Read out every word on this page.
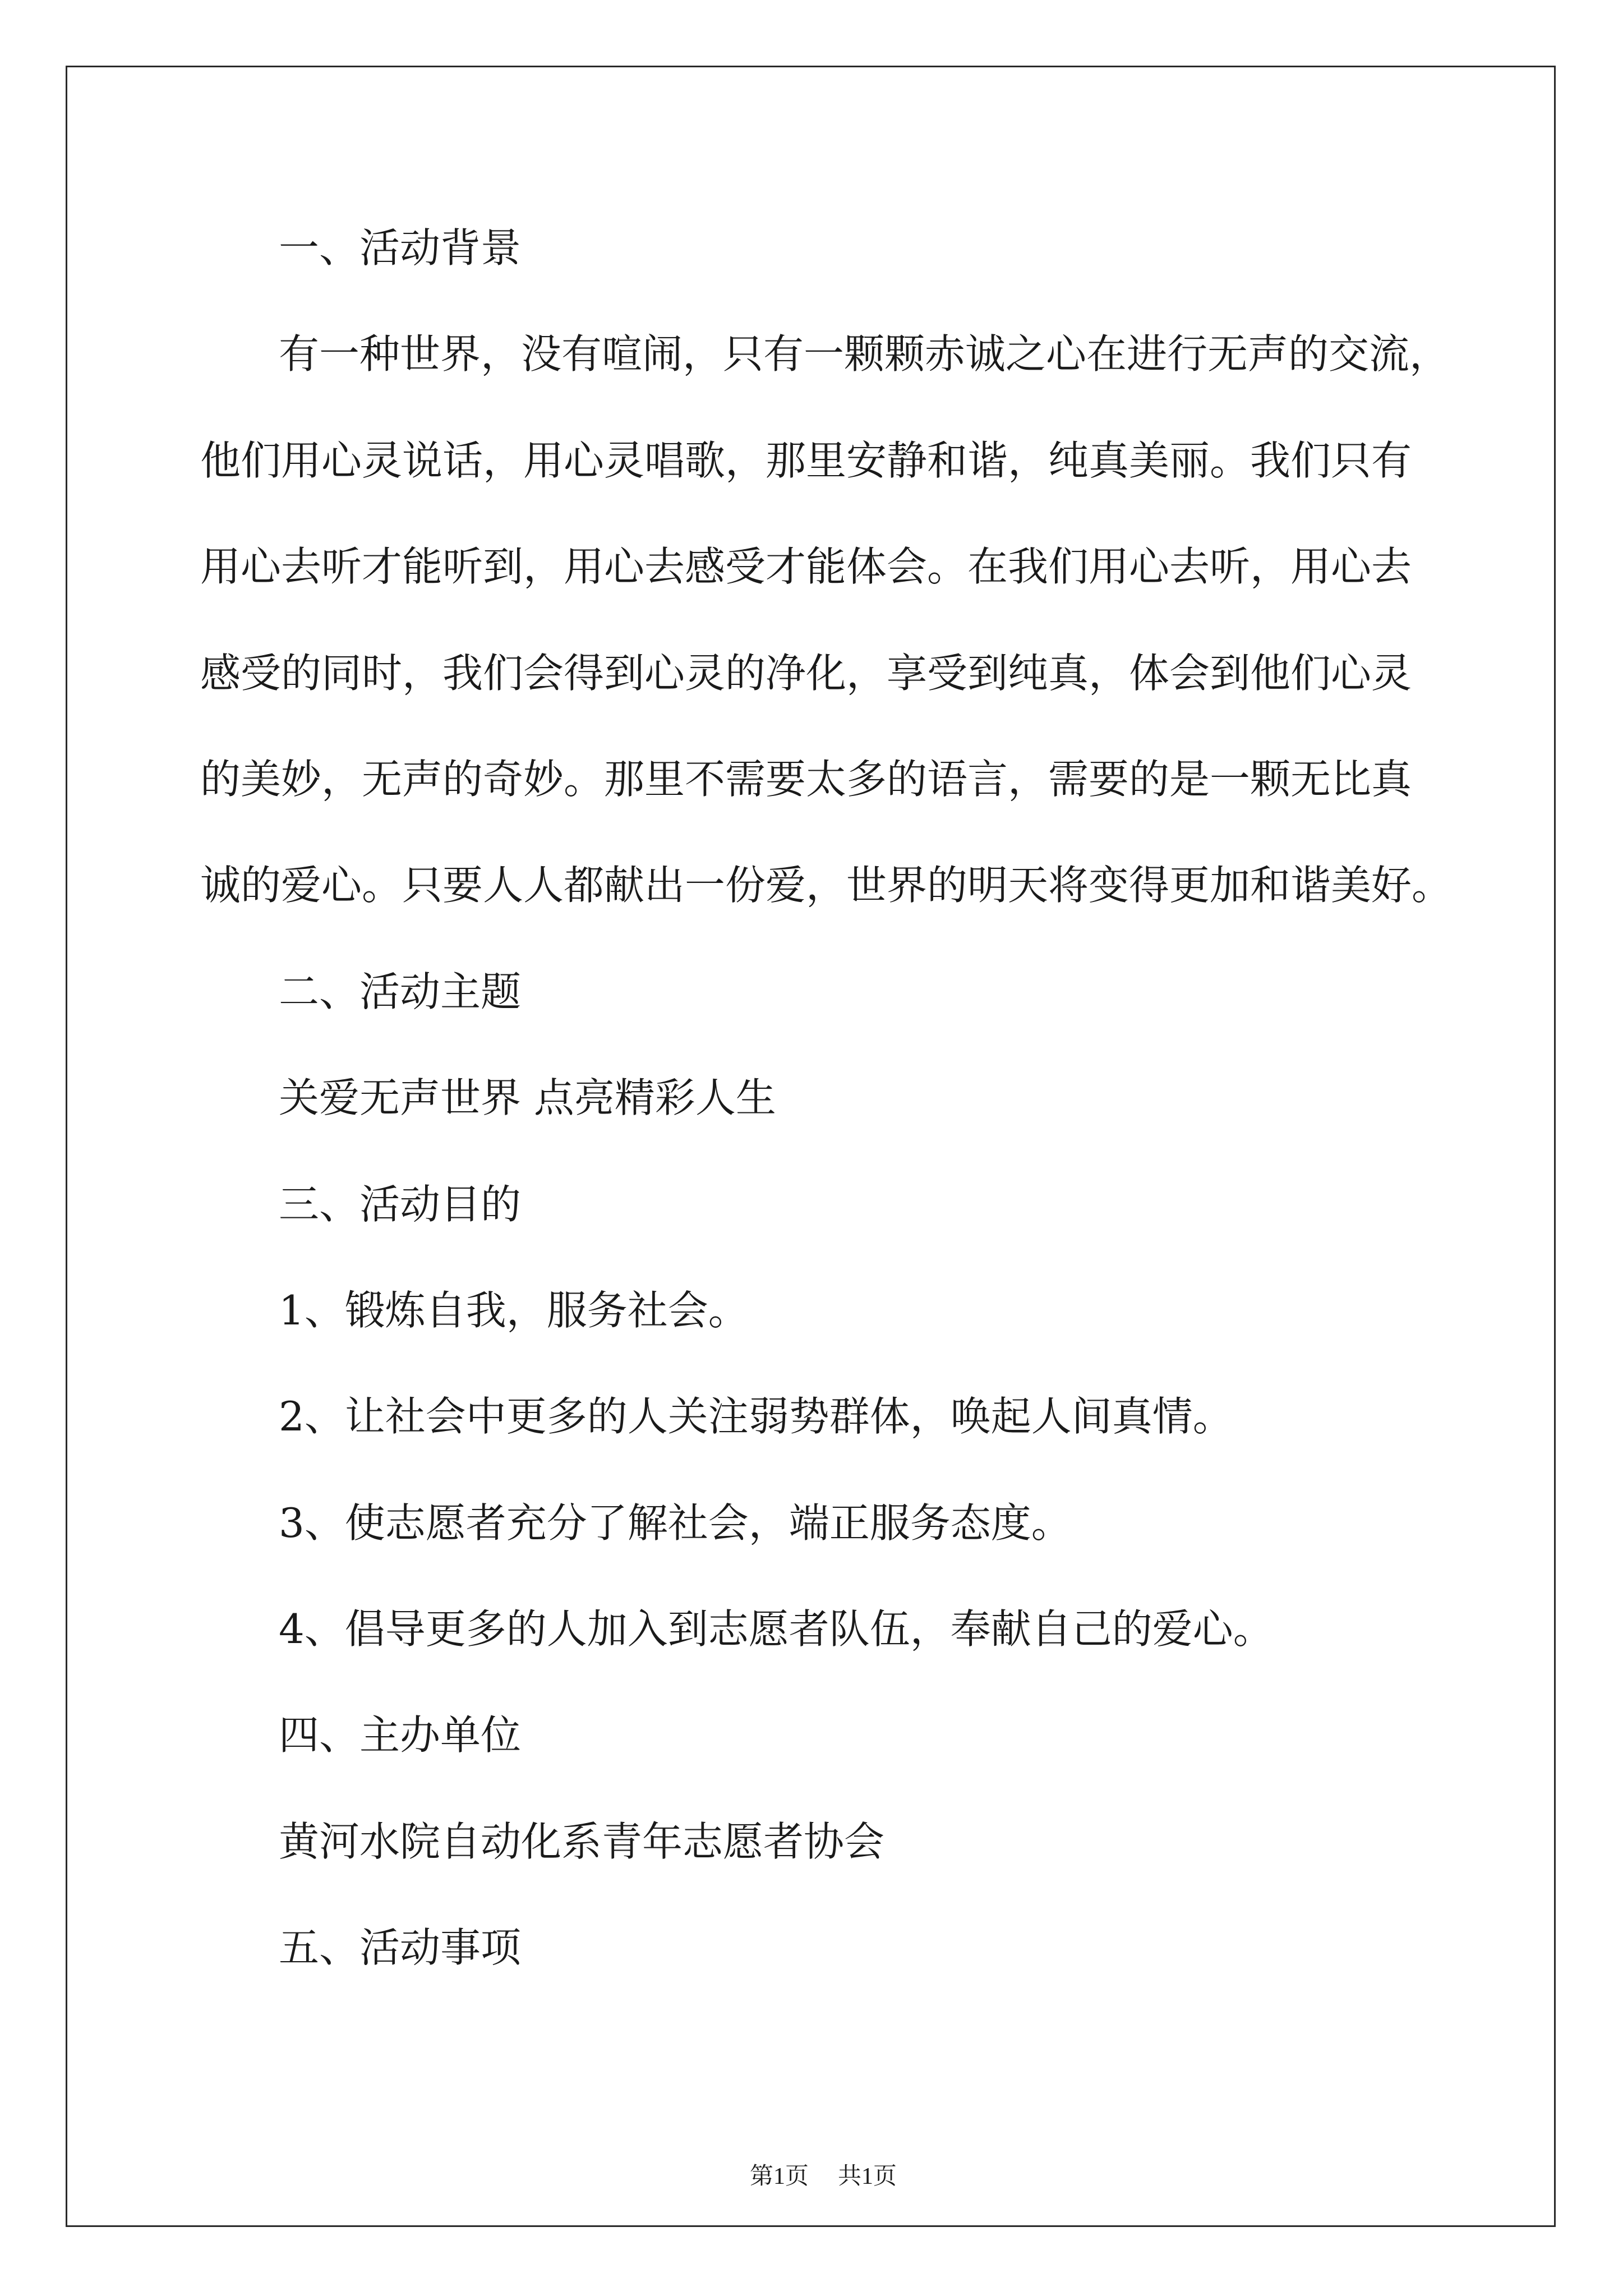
一、活动背景
有一种世界，没有喧闹，只有一颗颗赤诚之心在进行无声的交流，
他们用心灵说话，用心灵唱歌，那里安静和谐，纯真美丽。我们只有
用心去听才能听到，用心去感受才能体会。在我们用心去听，用心去
感受的同时，我们会得到心灵的净化，享受到纯真，体会到他们心灵
的美妙，无声的奇妙。那里不需要太多的语言，需要的是一颗无比真
诚的爱心。只要人人都献出一份爱，世界的明天将变得更加和谐美好。
二、活动主题
关爱无声世界 点亮精彩人生
三、活动目的
1、锻炼自我，服务社会。
2、让社会中更多的人关注弱势群体，唤起人间真情。
3、使志愿者充分了解社会，端正服务态度。
4、倡导更多的人加入到志愿者队伍，奉献自己的爱心。
四、主办单位
黄河水院自动化系青年志愿者协会
五、活动事项

第1页 共1页
